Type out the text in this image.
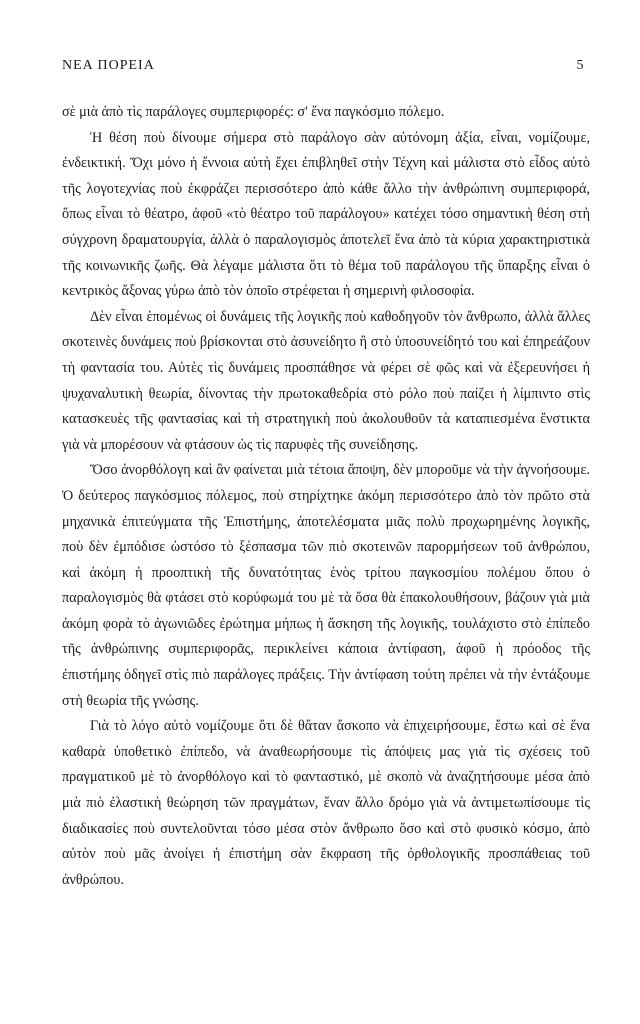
ΝΕΑ ΠΟΡΕΙΑ	5

σὲ μιὰ ἀπὸ τὶς παράλογες συμπεριφορές: σ' ἕνα παγκόσμιο πόλεμο.

Ἡ θέση ποὺ δίνουμε σήμερα στὸ παράλογο σὰν αὐτόνομη ἀξία, εἶναι, νομίζουμε, ἐνδεικτική. Ὄχι μόνο ἡ ἔννοια αὐτὴ ἔχει ἐπιβληθεῖ στὴν Τέχνη καὶ μάλιστα στὸ εἶδος αὐτὸ τῆς λογοτεχνίας ποὺ ἐκφράζει περισσότερο ἀπὸ κάθε ἄλλο τὴν ἀνθρώπινη συμπεριφορά, ὅπως εἶναι τὸ θέατρο, ἀφοῦ «τὸ θέατρο τοῦ παράλογου» κατέχει τόσο σημαντικὴ θέση στὴ σύγχρονη δραματουργία, ἀλλὰ ὁ παραλογισμὸς ἀποτελεῖ ἕνα ἀπὸ τὰ κύρια χαρακτηριστικὰ τῆς κοινωνικῆς ζωῆς. Θὰ λέγαμε μάλιστα ὅτι τὸ θέμα τοῦ παράλογου τῆς ὕπαρξης εἶναι ὁ κεντρικὸς ἄξονας γύρω ἀπὸ τὸν ὁποῖο στρέφεται ἡ σημερινὴ φιλοσοφία.

Δὲν εἶναι ἑπομένως οἱ δυνάμεις τῆς λογικῆς ποὺ καθοδηγοῦν τὸν ἄνθρωπο, ἀλλὰ ἄλλες σκοτεινὲς δυνάμεις ποὺ βρίσκονται στὸ ἀσυνείδητο ἢ στὸ ὑποσυνείδητό του καὶ ἐπηρεάζουν τὴ φαντασία του. Αὐτὲς τὶς δυνάμεις προσπάθησε νὰ φέρει σὲ φῶς καὶ νὰ ἐξερευνήσει ἡ ψυχαναλυτικὴ θεωρία, δίνοντας τὴν πρωτοκαθεδρία στὸ ρόλο ποὺ παίζει ἡ λίμπιντο στὶς κατασκευὲς τῆς φαντασίας καὶ τὴ στρατηγικὴ ποὺ ἀκολουθοῦν τὰ καταπιεσμένα ἔνστικτα γιὰ νὰ μπορέσουν νὰ φτάσουν ὡς τὶς παρυφὲς τῆς συνείδησης.

Ὅσο ἀνορθόλογη καὶ ἂν φαίνεται μιὰ τέτοια ἄποψη, δὲν μποροῦμε νὰ τὴν ἀγνοήσουμε. Ὁ δεύτερος παγκόσμιος πόλεμος, ποὺ στηρίχτηκε ἀκόμη περισσότερο ἀπὸ τὸν πρῶτο στὰ μηχανικὰ ἐπιτεύγματα τῆς Ἐπιστήμης, ἀποτελέσματα μιᾶς πολὺ προχωρημένης λογικῆς, ποὺ δὲν ἐμπόδισε ὡστόσο τὸ ξέσπασμα τῶν πιὸ σκοτεινῶν παρορμήσεων τοῦ ἀνθρώπου, καὶ ἀκόμη ἡ προοπτικὴ τῆς δυνατότητας ἑνὸς τρίτου παγκοσμίου πολέμου ὅπου ὁ παραλογισμὸς θὰ φτάσει στὸ κορύφωμά του μὲ τὰ ὅσα θὰ ἐπακολουθήσουν, βάζουν γιὰ μιὰ ἀκόμη φορὰ τὸ ἀγωνιῶδες ἐρώτημα μήπως ἡ ἄσκηση τῆς λογικῆς, τουλάχιστο στὸ ἐπίπεδο τῆς ἀνθρώπινης συμπεριφορᾶς, περικλείνει κάποια ἀντίφαση, ἀφοῦ ἡ πρόοδος τῆς ἐπιστήμης ὁδηγεῖ στὶς πιὸ παράλογες πράξεις. Τὴν ἀντίφαση τούτη πρέπει νὰ τὴν ἐντάξουμε στὴ θεωρία τῆς γνώσης.

Γιὰ τὸ λόγο αὐτὸ νομίζουμε ὅτι δὲ θἄταν ἄσκοπο νὰ ἐπιχειρήσουμε, ἔστω καὶ σὲ ἕνα καθαρὰ ὑποθετικὸ ἐπίπεδο, νὰ ἀναθεωρήσουμε τὶς ἀπόψεις μας γιὰ τὶς σχέσεις τοῦ πραγματικοῦ μὲ τὸ ἀνορθόλογο καὶ τὸ φανταστικό, μὲ σκοπὸ νὰ ἀναζητήσουμε μέσα ἀπὸ μιὰ πιὸ ἐλαστικὴ θεώρηση τῶν πραγμάτων, ἕναν ἄλλο δρόμο γιὰ νὰ ἀντιμετωπίσουμε τὶς διαδικασίες ποὺ συντελοῦνται τόσο μέσα στὸν ἄνθρωπο ὅσο καὶ στὸ φυσικὸ κόσμο, ἀπὸ αὐτὸν ποὺ μᾶς ἀνοίγει ἡ ἐπιστήμη σὰν ἔκφραση τῆς ὀρθολογικῆς προσπάθειας τοῦ ἀνθρώπου.
